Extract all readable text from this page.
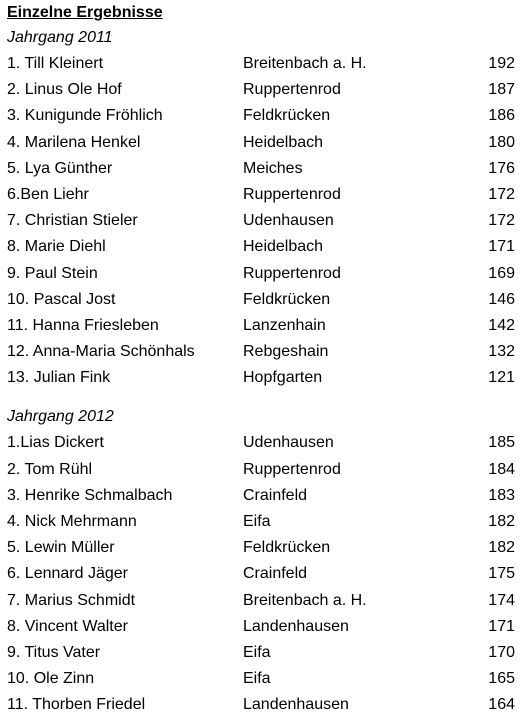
Einzelne Ergebnisse
Jahrgang 2011
1. Till Kleinert	Breitenbach a. H.	192
2. Linus Ole Hof	Ruppertenrod	187
3. Kunigunde Fröhlich	Feldkrücken	186
4. Marilena Henkel	Heidelbach	180
5. Lya Günther	Meiches	176
6.Ben Liehr	Ruppertenrod	172
7. Christian Stieler	Udenhausen	172
8. Marie Diehl	Heidelbach	171
9. Paul Stein	Ruppertenrod	169
10. Pascal Jost	Feldkrücken	146
11. Hanna Friesleben	Lanzenhain	142
12. Anna-Maria Schönhals	Rebgeshain	132
13. Julian Fink	Hopfgarten	121
Jahrgang 2012
1.Lias Dickert	Udenhausen	185
2. Tom Rühl	Ruppertenrod	184
3. Henrike Schmalbach	Crainfeld	183
4. Nick Mehrmann	Eifa	182
5. Lewin Müller	Feldkrücken	182
6. Lennard Jäger	Crainfeld	175
7. Marius Schmidt	Breitenbach a. H.	174
8. Vincent Walter	Landenhausen	171
9. Titus Vater	Eifa	170
10. Ole Zinn	Eifa	165
11. Thorben Friedel	Landenhausen	164
